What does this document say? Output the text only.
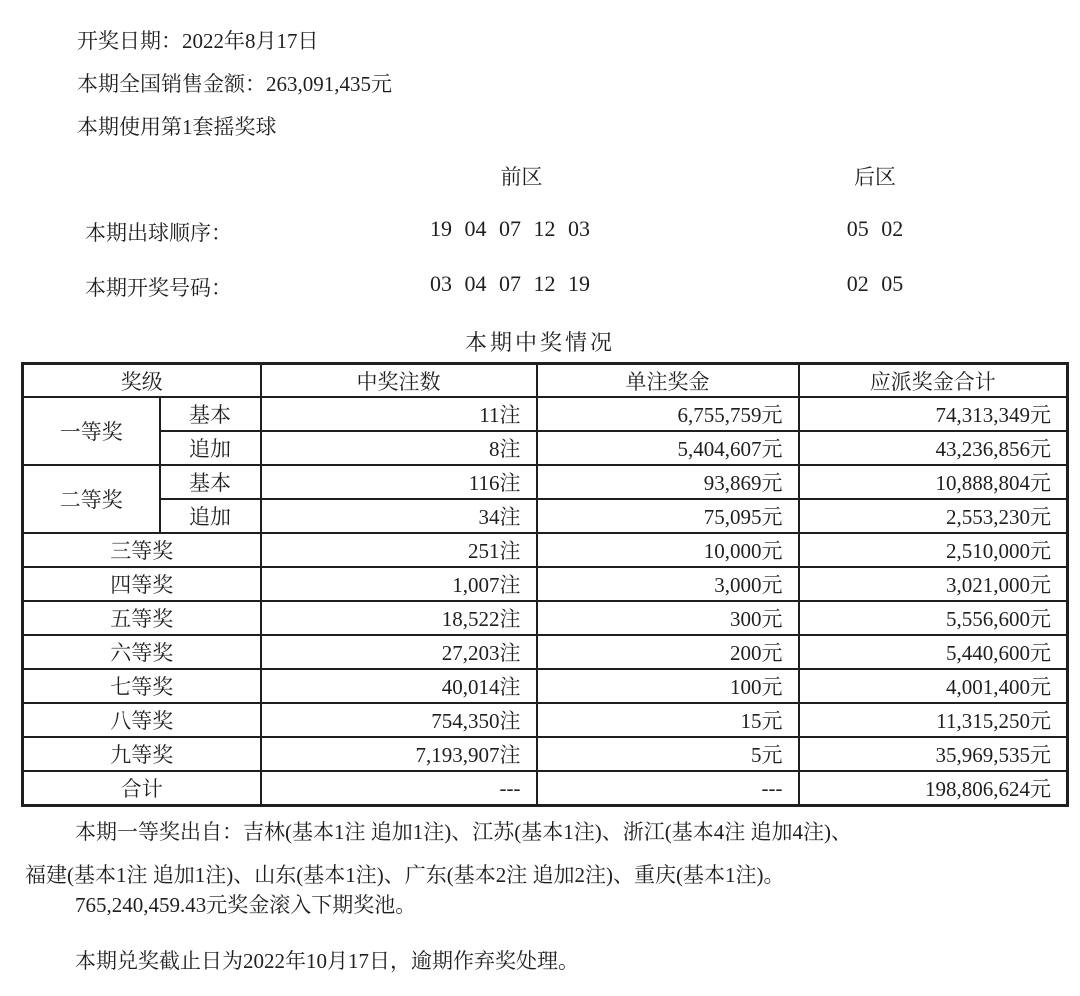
开奖日期：2022年8月17日
本期全国销售金额：263,091,435元
本期使用第1套摇奖球
前区	后区
本期出球顺序：	19 04 07 12 03	05 02
本期开奖号码：	03 04 07 12 19	02 05
本期中奖情况
奖级		中奖注数	单注奖金	应派奖金合计
一等奖	基本	11注	6,755,759元	74,313,349元
	追加	8注	5,404,607元	43,236,856元
二等奖	基本	116注	93,869元	10,888,804元
	追加	34注	75,095元	2,553,230元
三等奖		251注	10,000元	2,510,000元
四等奖		1,007注	3,000元	3,021,000元
五等奖		18,522注	300元	5,556,600元
六等奖		27,203注	200元	5,440,600元
七等奖		40,014注	100元	4,001,400元
八等奖		754,350注	15元	11,315,250元
九等奖		7,193,907注	5元	35,969,535元
合计		---	---	198,806,624元
本期一等奖出自：吉林(基本1注 追加1注)、江苏(基本1注)、浙江(基本4注 追加4注)、
福建(基本1注 追加1注)、山东(基本1注)、广东(基本2注 追加2注)、重庆(基本1注)。
765,240,459.43元奖金滚入下期奖池。
本期兑奖截止日为2022年10月17日，逾期作弃奖处理。
